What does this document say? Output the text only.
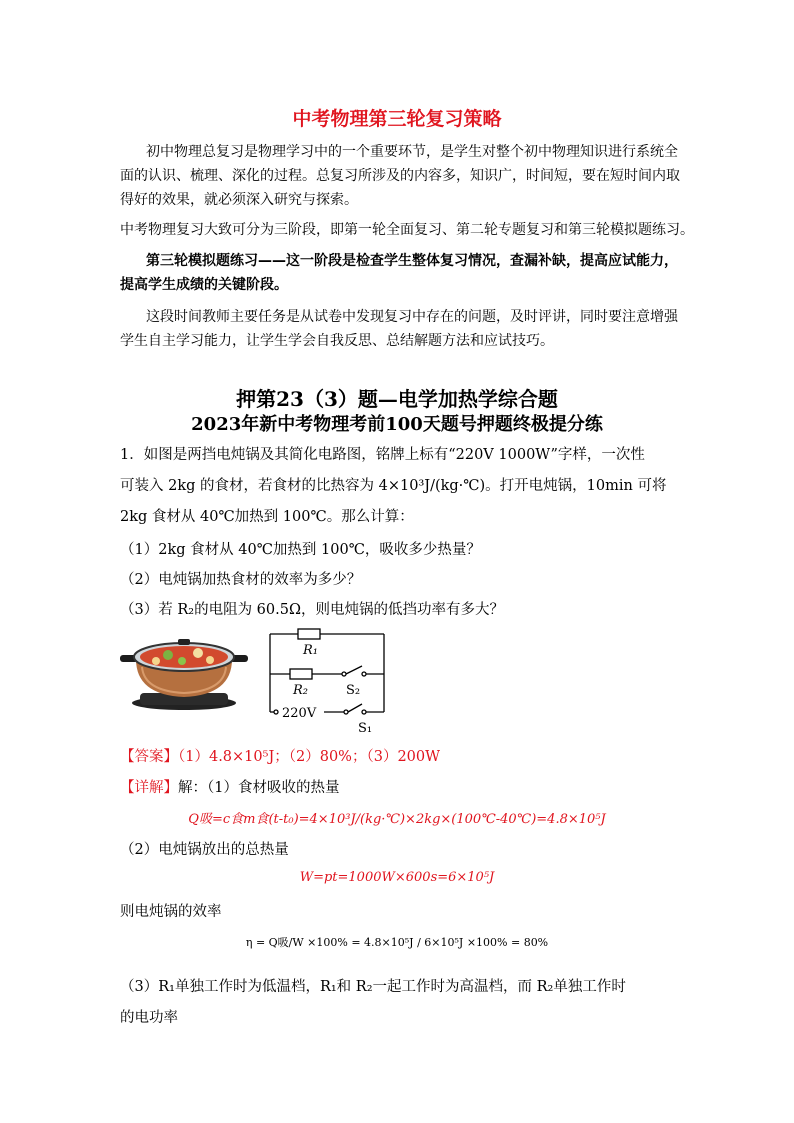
中考物理第三轮复习策略
初中物理总复习是物理学习中的一个重要环节，是学生对整个初中物理知识进行系统全
面的认识、梳理、深化的过程。总复习所涉及的内容多，知识广，时间短，要在短时间内取
得好的效果，就必须深入研究与探索。
中考物理复习大致可分为三阶段，即第一轮全面复习、第二轮专题复习和第三轮模拟题练习。
第三轮模拟题练习——这一阶段是检查学生整体复习情况，查漏补缺，提高应试能力，
提高学生成绩的关键阶段。
这段时间教师主要任务是从试卷中发现复习中存在的问题，及时评讲，同时要注意增强
学生自主学习能力，让学生学会自我反思、总结解题方法和应试技巧。
押第23（3）题—电学加热学综合题
2023年新中考物理考前100天题号押题终极提分练
1．如图是两挡电炖锅及其简化电路图，铭牌上标有“220V 1000W”字样，一次性
可装入 2kg 的食材，若食材的比热容为 4×10³J/(kg·℃)。打开电炖锅，10min 可将
2kg 食材从 40℃加热到 100℃。那么计算：
（1）2kg 食材从 40℃加热到 100℃，吸收多少热量？
（2）电炖锅加热食材的效率为多少？
（3）若 R₂的电阻为 60.5Ω，则电炖锅的低挡功率有多大？
R₁
R₂	S₂
220V
S₁
【答案】（1）4.8×10⁵J；（2）80%；（3）200W
【详解】解：（1）食材吸收的热量
Q吸=c食m食(t-t₀)=4×10³J/(kg·℃)×2kg×(100℃-40℃)=4.8×10⁵J
（2）电炖锅放出的总热量
W=pt=1000W×600s=6×10⁵J
则电炖锅的效率
η = Q吸/W ×100% = 4.8×10⁵J / 6×10⁵J ×100% = 80%
（3）R₁单独工作时为低温档，R₁和 R₂一起工作时为高温档，而 R₂单独工作时
的电功率
